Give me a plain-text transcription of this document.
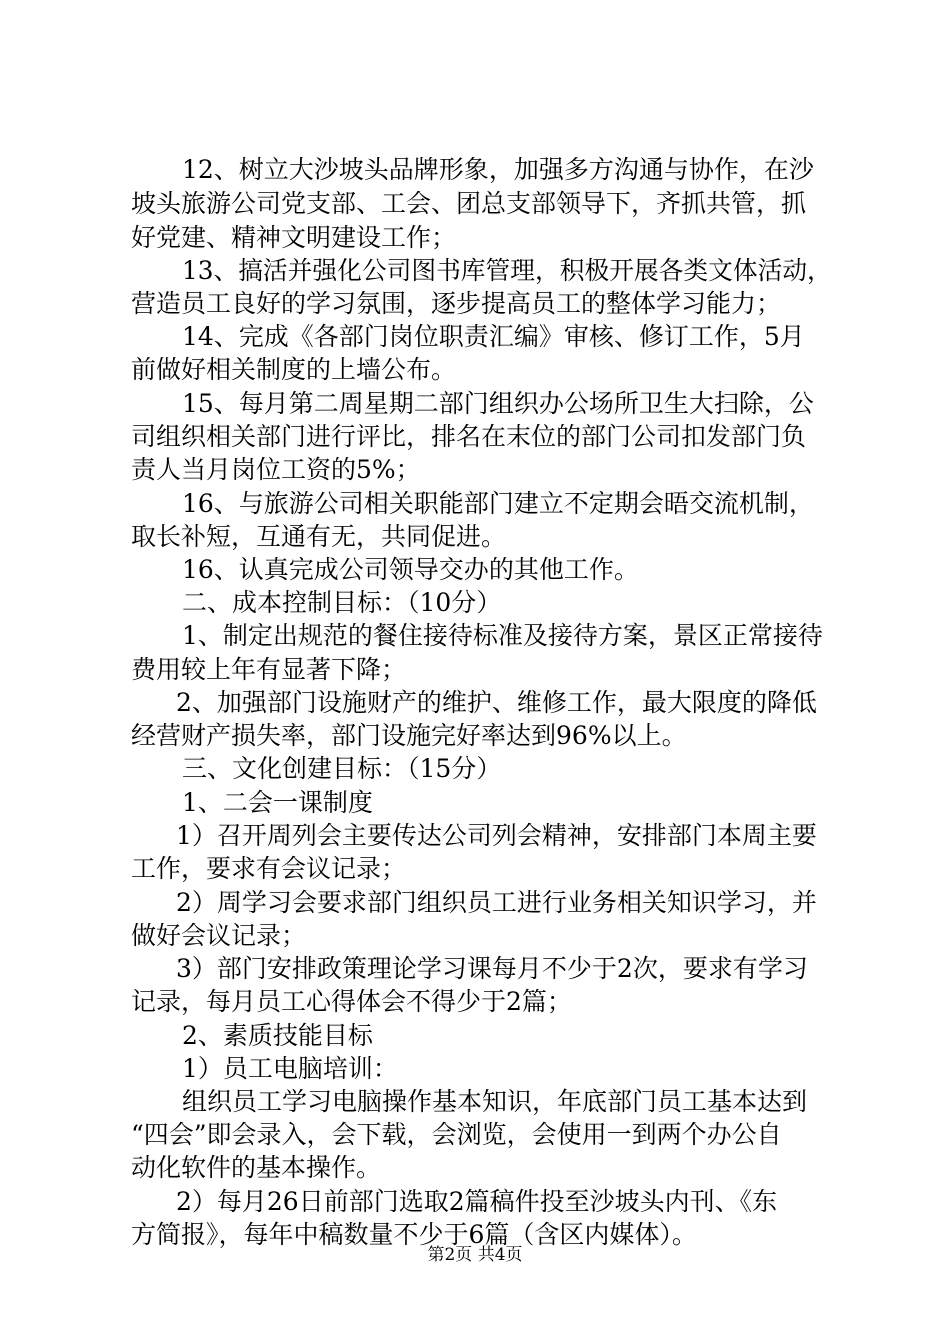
12、树立大沙坡头品牌形象，加强多方沟通与协作，在沙
坡头旅游公司党支部、工会、团总支部领导下，齐抓共管，抓
好党建、精神文明建设工作；
13、搞活并强化公司图书库管理，积极开展各类文体活动，
营造员工良好的学习氛围，逐步提高员工的整体学习能力；
14、完成《各部门岗位职责汇编》审核、修订工作，5月
前做好相关制度的上墙公布。
15、每月第二周星期二部门组织办公场所卫生大扫除，公
司组织相关部门进行评比，排名在末位的部门公司扣发部门负
责人当月岗位工资的5%；
16、与旅游公司相关职能部门建立不定期会晤交流机制，
取长补短，互通有无，共同促进。
16、认真完成公司领导交办的其他工作。
二、成本控制目标：（10分）
1、制定出规范的餐住接待标准及接待方案，景区正常接待
费用较上年有显著下降；
2、加强部门设施财产的维护、维修工作，最大限度的降低
经营财产损失率，部门设施完好率达到96%以上。
三、文化创建目标：（15分）
1、二会一课制度
1）召开周列会主要传达公司列会精神，安排部门本周主要
工作，要求有会议记录；
2）周学习会要求部门组织员工进行业务相关知识学习，并
做好会议记录；
3）部门安排政策理论学习课每月不少于2次，要求有学习
记录，每月员工心得体会不得少于2篇；
2、素质技能目标
1）员工电脑培训：
组织员工学习电脑操作基本知识，年底部门员工基本达到
“四会”即会录入，会下载，会浏览，会使用一到两个办公自
动化软件的基本操作。
2）每月26日前部门选取2篇稿件投至沙坡头内刊、《东
方简报》，每年中稿数量不少于6篇（含区内媒体）。
第2页 共4页
